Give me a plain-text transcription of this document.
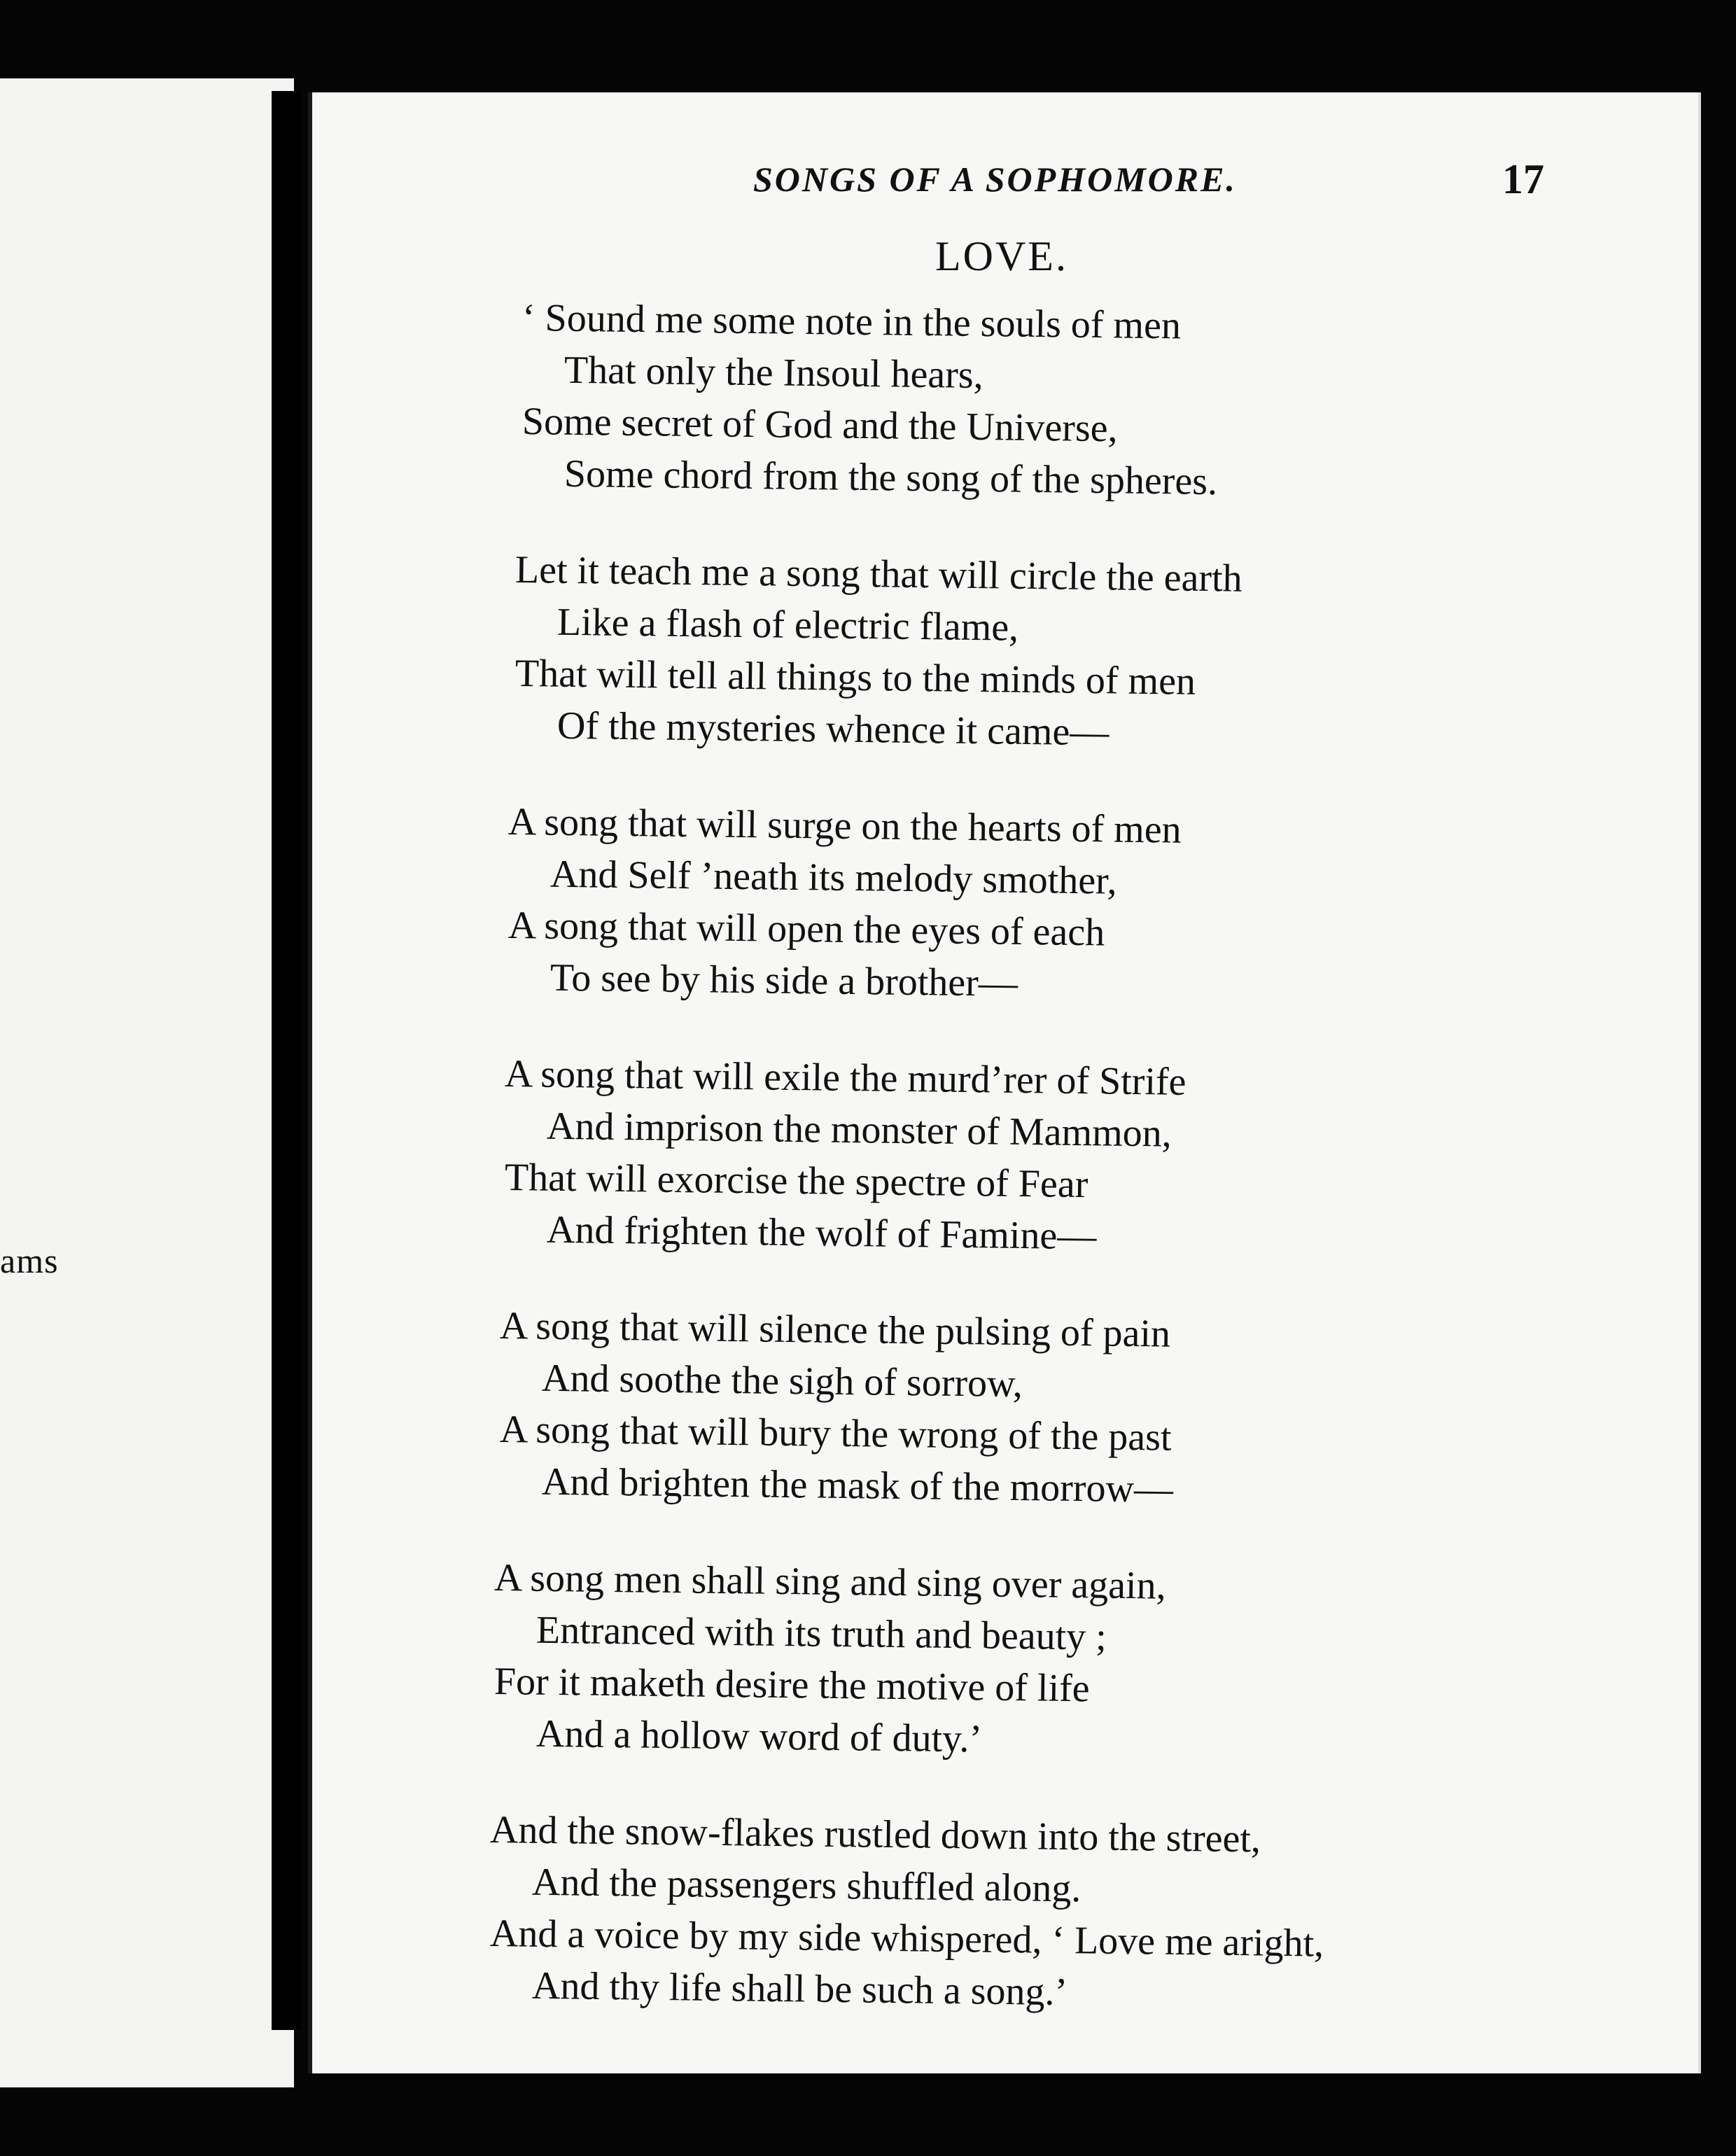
ams
SONGS OF A SOPHOMORE.	17
LOVE.
‘ Sound me some note in the souls of men
That only the Insoul hears,
Some secret of God and the Universe,
Some chord from the song of the spheres.
Let it teach me a song that will circle the earth
Like a flash of electric flame,
That will tell all things to the minds of men
Of the mysteries whence it came—
A song that will surge on the hearts of men
And Self ’neath its melody smother,
A song that will open the eyes of each
To see by his side a brother—
A song that will exile the murd’rer of Strife
And imprison the monster of Mammon,
That will exorcise the spectre of Fear
And frighten the wolf of Famine—
A song that will silence the pulsing of pain
And soothe the sigh of sorrow,
A song that will bury the wrong of the past
And brighten the mask of the morrow—
A song men shall sing and sing over again,
Entranced with its truth and beauty ;
For it maketh desire the motive of life
And a hollow word of duty.’
And the snow-flakes rustled down into the street,
And the passengers shuffled along.
And a voice by my side whispered, ‘ Love me aright,
And thy life shall be such a song.’
